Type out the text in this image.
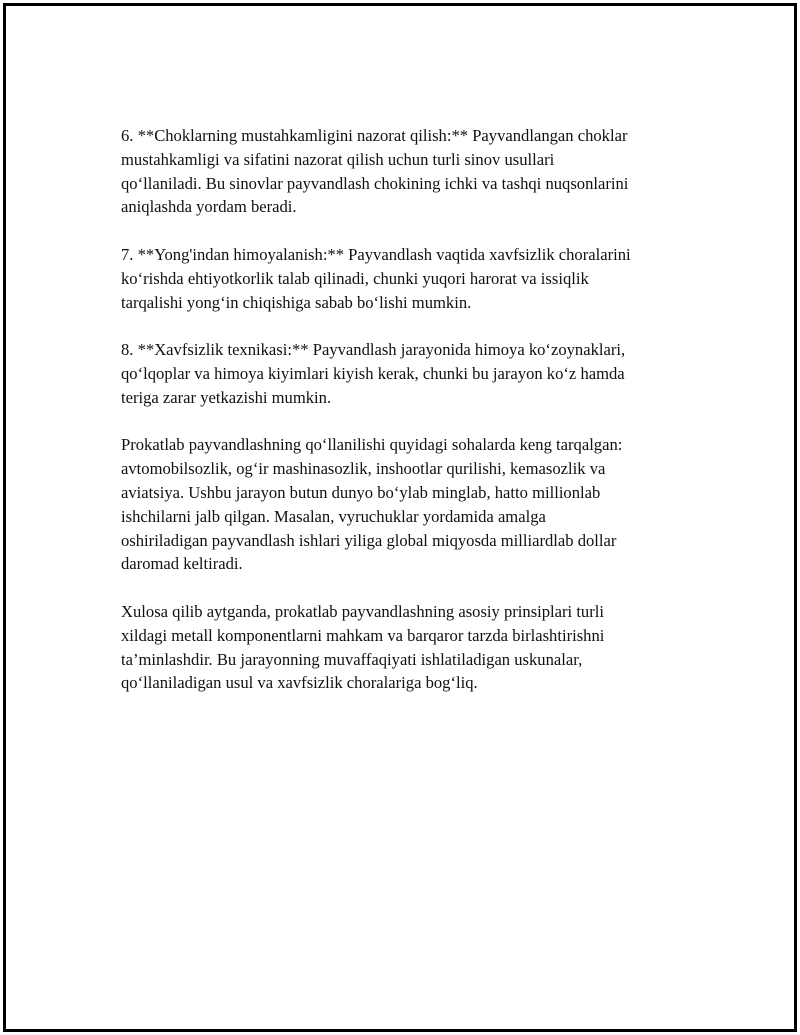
6. **Choklarning mustahkamligini nazorat qilish:** Payvandlangan choklar
mustahkamligi va sifatini nazorat qilish uchun turli sinov usullari
qo‘llaniladi. Bu sinovlar payvandlash chokining ichki va tashqi nuqsonlarini
aniqlashda yordam beradi.

7. **Yong'indan himoyalanish:** Payvandlash vaqtida xavfsizlik choralarini
ko‘rishda ehtiyotkorlik talab qilinadi, chunki yuqori harorat va issiqlik
tarqalishi yong‘in chiqishiga sabab bo‘lishi mumkin.

8. **Xavfsizlik texnikasi:** Payvandlash jarayonida himoya ko‘zoynaklari,
qo‘lqoplar va himoya kiyimlari kiyish kerak, chunki bu jarayon ko‘z hamda
teriga zarar yetkazishi mumkin.

Prokatlab payvandlashning qo‘llanilishi quyidagi sohalarda keng tarqalgan:
avtomobilsozlik, og‘ir mashinasozlik, inshootlar qurilishi, kemasozlik va
aviatsiya. Ushbu jarayon butun dunyo bo‘ylab minglab, hatto millionlab
ishchilarni jalb qilgan. Masalan, vyruchuklar yordamida amalga
oshiriladigan payvandlash ishlari yiliga global miqyosda milliardlab dollar
daromad keltiradi.

Xulosa qilib aytganda, prokatlab payvandlashning asosiy prinsiplari turli
xildagi metall komponentlarni mahkam va barqaror tarzda birlashtirishni
ta’minlashdir. Bu jarayonning muvaffaqiyati ishlatiladigan uskunalar,
qo‘llaniladigan usul va xavfsizlik choralariga bog‘liq.
